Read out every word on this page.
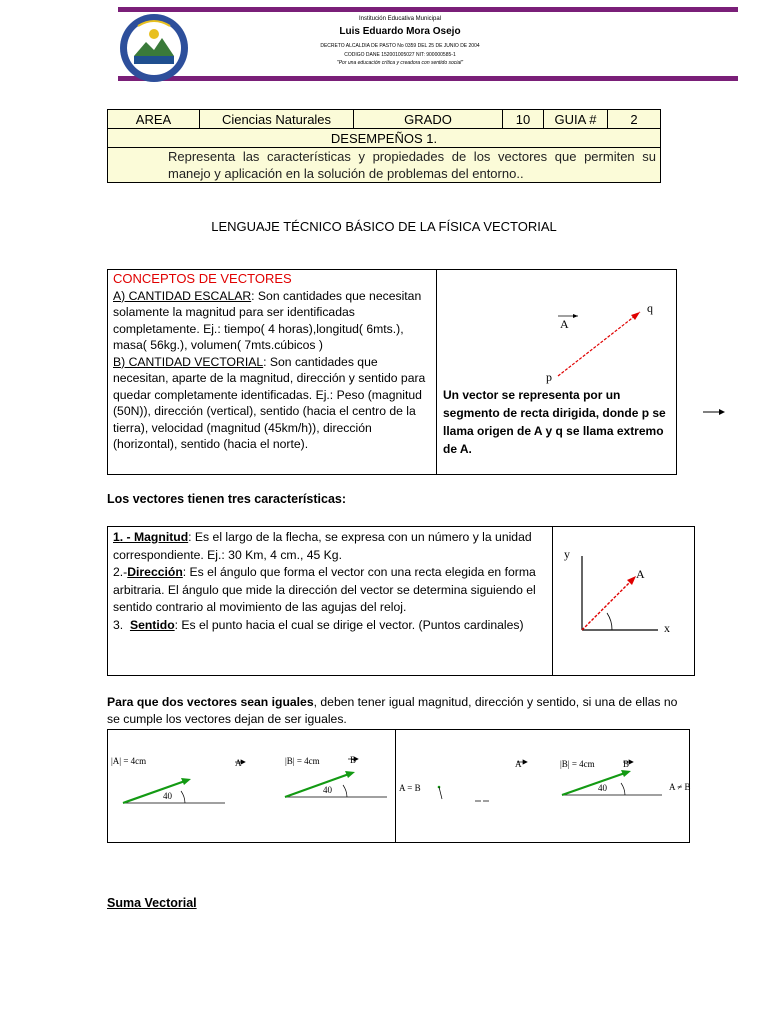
Institución Educativa Municipal
Luis Eduardo Mora Osejo
DECRETO ALCALDIA DE PASTO No 0359 DEL 25 DE JUNIO DE 2004
CODIGO DANE 152001005027 NIT: 900000585-1
"Por una educación crítica y creadora con sentido social"
AREA	Ciencias Naturales	GRADO	10	GUIA #	2
DESEMPEÑOS 1.
Representa las características y propiedades de los vectores que permiten su manejo y aplicación en la solución de problemas del entorno..
LENGUAJE TÉCNICO BÁSICO DE LA FÍSICA VECTORIAL
CONCEPTOS DE VECTORES
A) CANTIDAD ESCALAR: Son cantidades que necesitan solamente la magnitud para ser identificadas completamente. Ej.: tiempo( 4 horas),longitud( 6mts.), masa( 56kg.), volumen( 7mts.cúbicos )
B) CANTIDAD VECTORIAL: Son cantidades que necesitan, aparte de la magnitud, dirección y sentido para quedar completamente identificadas. Ej.: Peso (magnitud (50N)), dirección (vertical), sentido (hacia el centro de la tierra), velocidad (magnitud (45km/h)), dirección (horizontal), sentido (hacia el norte).
p
q
A
Un vector se representa por un segmento de recta dirigida, donde p se llama origen de A y q se llama extremo de A.
Los vectores tienen tres características:
1. - Magnitud: Es el largo de la flecha, se expresa con un número y la unidad correspondiente. Ej.: 30 Km, 4 cm., 45 Kg.
2.-Dirección: Es el ángulo que forma el vector con una recta elegida en forma arbitraria. El ángulo que mide la dirección del vector se determina siguiendo el sentido contrario al movimiento de las agujas del reloj.
3. Sentido: Es el punto hacia el cual se dirige el vector. (Puntos cardinales)
y
x
A
Para que dos vectores sean iguales, deben tener igual magnitud, dirección y sentido, si una de ellas no se cumple los vectores dejan de ser iguales.
|A| = 4cm	A	|B| = 4cm	B
40
40	A = B
A	|B| = 4cm	B
40	A ≠ B
Suma Vectorial
